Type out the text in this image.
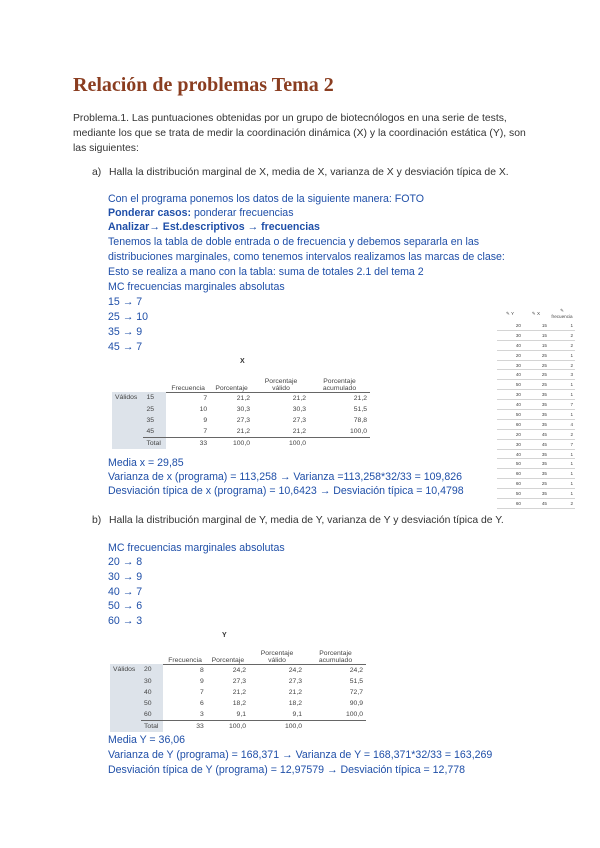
Relación de problemas Tema 2
Problema.1. Las puntuaciones obtenidas por un grupo de biotecnólogos en una serie de tests, mediante los que se trata de medir la coordinación dinámica (X) y la coordinación estática (Y), son las siguientes:
a) Halla la distribución marginal de X, media de X, varianza de X y desviación típica de X.
Con el programa ponemos los datos de la siguiente manera: FOTO
Ponderar casos: ponderar frecuencias
Analizar→ Est.descriptivos → frecuencias
Tenemos la tabla de doble entrada o de frecuencia y debemos separarla en las
distribuciones marginales, como tenemos intervalos realizamos las marcas de clase:
Esto se realiza a mano con la tabla: suma de totales 2.1 del tema 2
MC frecuencias marginales absolutas
15 → 7
25 → 10
35 → 9
45 → 7
X
		Frecuencia	Porcentaje	Porcentaje válido	Porcentaje acumulado
Válidos	15	7	21,2	21,2	21,2
	25	10	30,3	30,3	51,5
	35	9	27,3	27,3	78,8
	45	7	21,2	21,2	100,0
	Total	33	100,0	100,0	
✎ Y	✎ X	✎ frecuencia
20	15	1
30	15	2
40	15	2
20	25	1
30	25	2
40	25	3
50	25	1
30	35	1
40	35	7
50	35	1
60	35	4
20	45	2
30	45	7
40	35	1
50	35	1
60	35	1
60	25	1
50	35	1
60	45	2
Media x = 29,85
Varianza de x (programa) = 113,258 → Varianza =113,258*32/33 = 109,826
Desviación típica de x (programa) = 10,6423 → Desviación típica = 10,4798
b) Halla la distribución marginal de Y, media de Y, varianza de Y y desviación típica de Y.
MC frecuencias marginales absolutas
20 → 8
30 → 9
40 → 7
50 → 6
60 → 3
Y
		Frecuencia	Porcentaje	Porcentaje válido	Porcentaje acumulado
Válidos	20	8	24,2	24,2	24,2
	30	9	27,3	27,3	51,5
	40	7	21,2	21,2	72,7
	50	6	18,2	18,2	90,9
	60	3	9,1	9,1	100,0
	Total	33	100,0	100,0	
Media Y = 36,06
Varianza de Y (programa) = 168,371 → Varianza de Y = 168,371*32/33 = 163,269
Desviación típica de Y (programa) = 12,97579 → Desviación típica = 12,778
